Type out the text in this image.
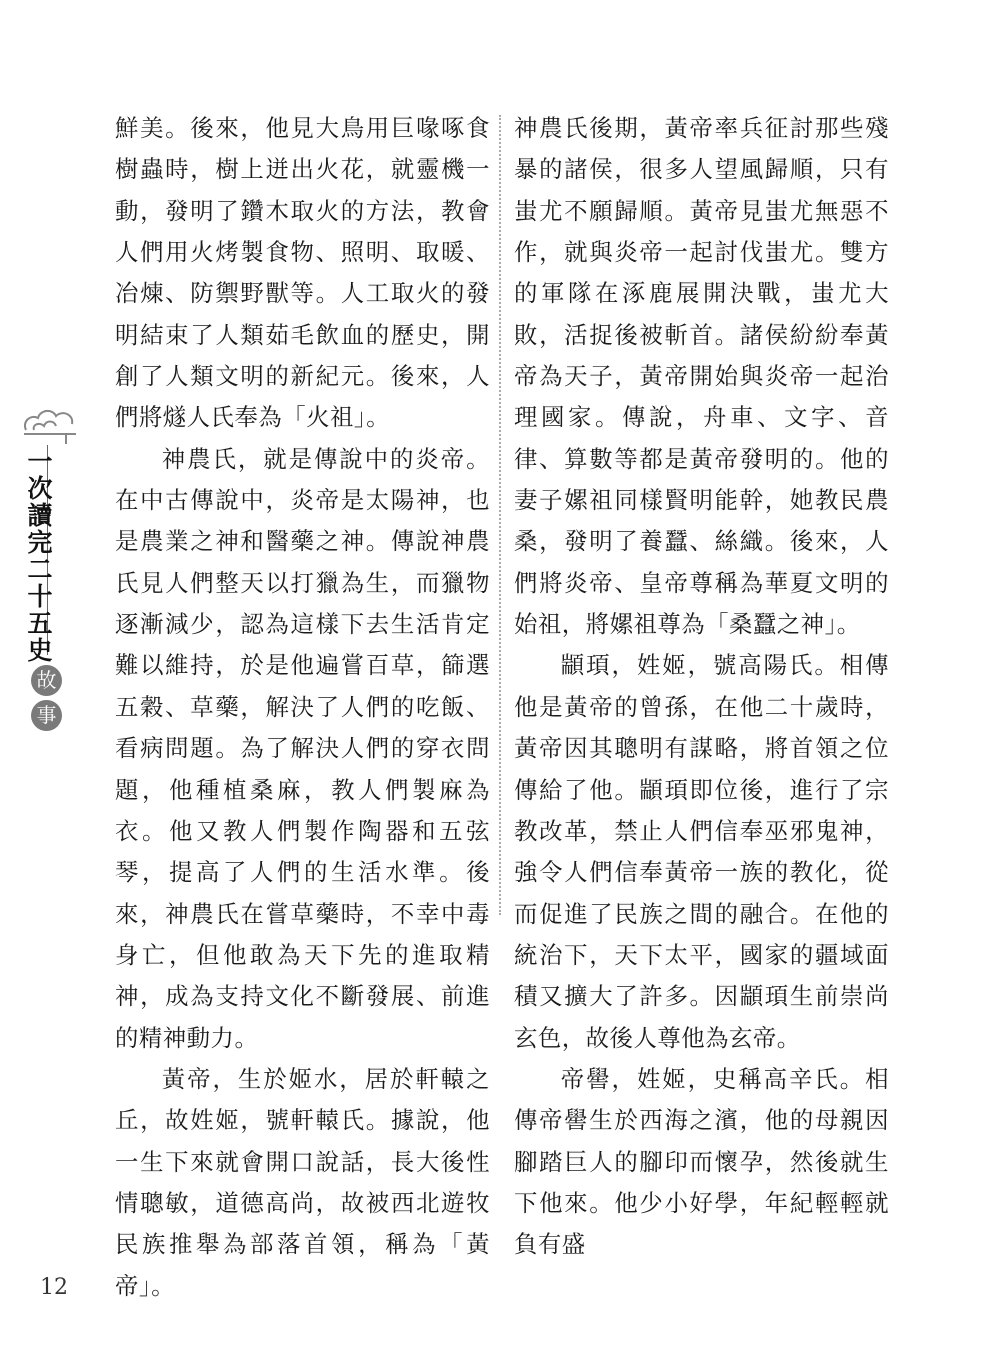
一
次
讀
完
二
十
五
史
故
事

鮮美。後來，他見大鳥用巨喙啄食樹蟲時，樹上迸出火花，就靈機一動，發明了鑽木取火的方法，教會人們用火烤製食物、照明、取暖、冶煉、防禦野獸等。人工取火的發明結束了人類茹毛飲血的歷史，開創了人類文明的新紀元。後來，人們將燧人氏奉為「火祖」。

神農氏，就是傳說中的炎帝。在中古傳說中，炎帝是太陽神，也是農業之神和醫藥之神。傳說神農氏見人們整天以打獵為生，而獵物逐漸減少，認為這樣下去生活肯定難以維持，於是他遍嘗百草，篩選五穀、草藥，解決了人們的吃飯、看病問題。為了解決人們的穿衣問題，他種植桑麻，教人們製麻為衣。他又教人們製作陶器和五弦琴，提高了人們的生活水準。後來，神農氏在嘗草藥時，不幸中毒身亡，但他敢為天下先的進取精神，成為支持文化不斷發展、前進的精神動力。

黃帝，生於姬水，居於軒轅之丘，故姓姬，號軒轅氏。據說，他一生下來就會開口說話，長大後性情聰敏，道德高尚，故被西北遊牧民族推舉為部落首領，稱為「黃帝」。

神農氏後期，黃帝率兵征討那些殘暴的諸侯，很多人望風歸順，只有蚩尤不願歸順。黃帝見蚩尤無惡不作，就與炎帝一起討伐蚩尤。雙方的軍隊在涿鹿展開決戰，蚩尤大敗，活捉後被斬首。諸侯紛紛奉黃帝為天子，黃帝開始與炎帝一起治理國家。傳說，舟車、文字、音律、算數等都是黃帝發明的。他的妻子嫘祖同樣賢明能幹，她教民農桑，發明了養蠶、絲織。後來，人們將炎帝、皇帝尊稱為華夏文明的始祖，將嫘祖尊為「桑蠶之神」。

顓頊，姓姬，號高陽氏。相傳他是黃帝的曾孫，在他二十歲時，黃帝因其聰明有謀略，將首領之位傳給了他。顓頊即位後，進行了宗教改革，禁止人們信奉巫邪鬼神，強令人們信奉黃帝一族的教化，從而促進了民族之間的融合。在他的統治下，天下太平，國家的疆域面積又擴大了許多。因顓頊生前崇尚玄色，故後人尊他為玄帝。

帝嚳，姓姬，史稱高辛氏。相傳帝嚳生於西海之濱，他的母親因腳踏巨人的腳印而懷孕，然後就生下他來。他少小好學，年紀輕輕就負有盛

12
